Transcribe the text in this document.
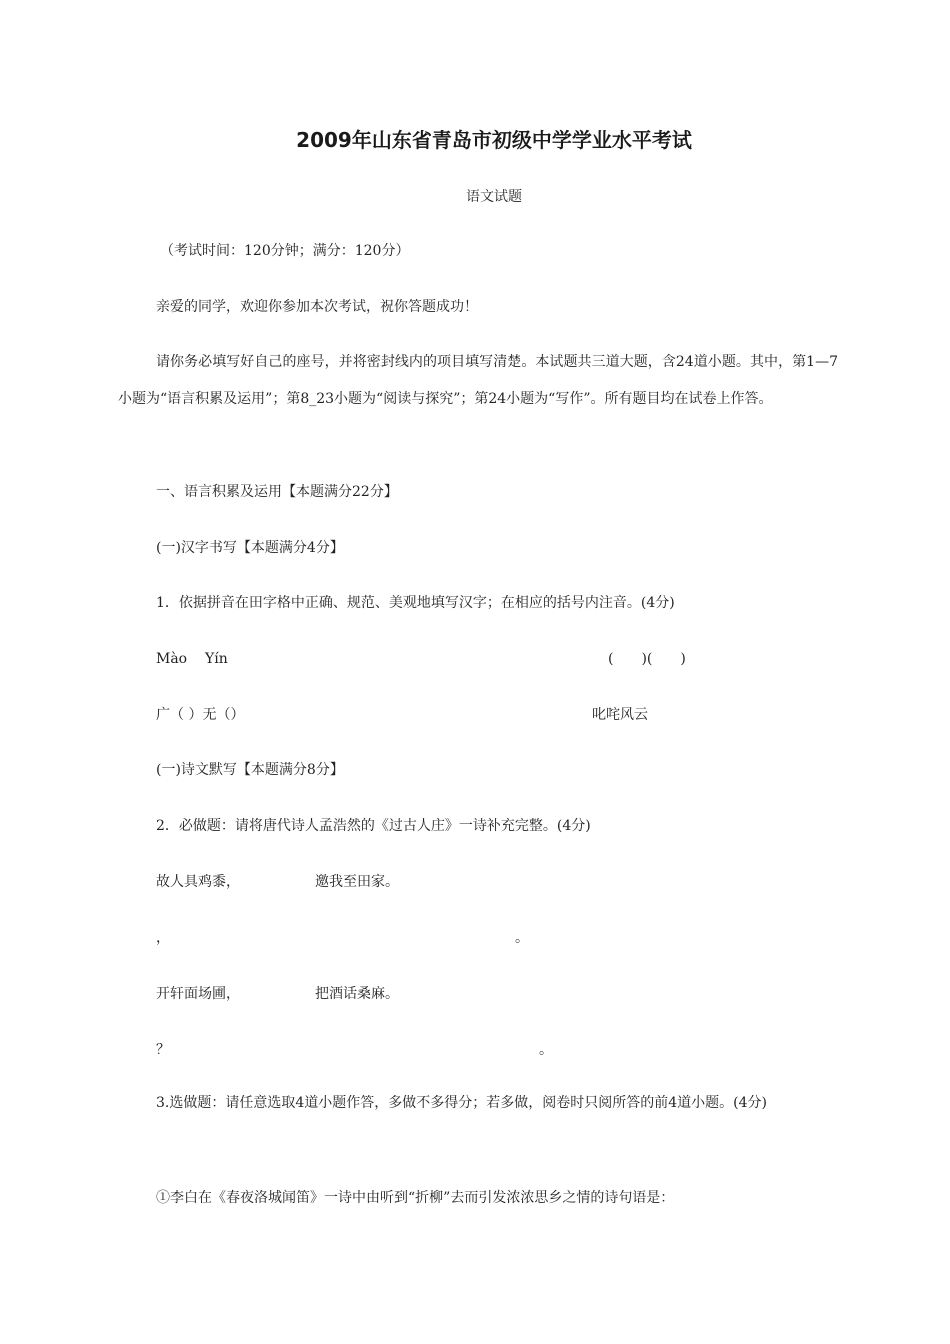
2009年山东省青岛市初级中学学业水平考试
语文试题
（考试时间：120分钟；满分：120分）
亲爱的同学，欢迎你参加本次考试，祝你答题成功！
请你务必填写好自己的座号，并将密封线内的项目填写清楚。本试题共三道大题，含24道小题。其中，第1—7小题为“语言积累及运用”；第8_23小题为“阅读与探究”；第24小题为“写作”。所有题目均在试卷上作答。
一、语言积累及运用【本题满分22分】
(一)汉字书写【本题满分4分】
1．依据拼音在田字格中正确、规范、美观地填写汉字；在相应的括号内注音。(4分)
Mào Yín	(　　)(　　)
广（ ）无（）	叱咤风云
(一)诗文默写【本题满分8分】
2．必做题：请将唐代诗人孟浩然的《过古人庄》一诗补充完整。(4分)
故人具鸡黍，	邀我至田家。
，	。
开轩面场圃，	把酒话桑麻。
？	。
3.选做题：请任意选取4道小题作答，多做不多得分；若多做，阅卷时只阅所答的前4道小题。(4分)
①李白在《春夜洛城闻笛》一诗中由听到“折柳”去而引发浓浓思乡之情的诗句语是：
